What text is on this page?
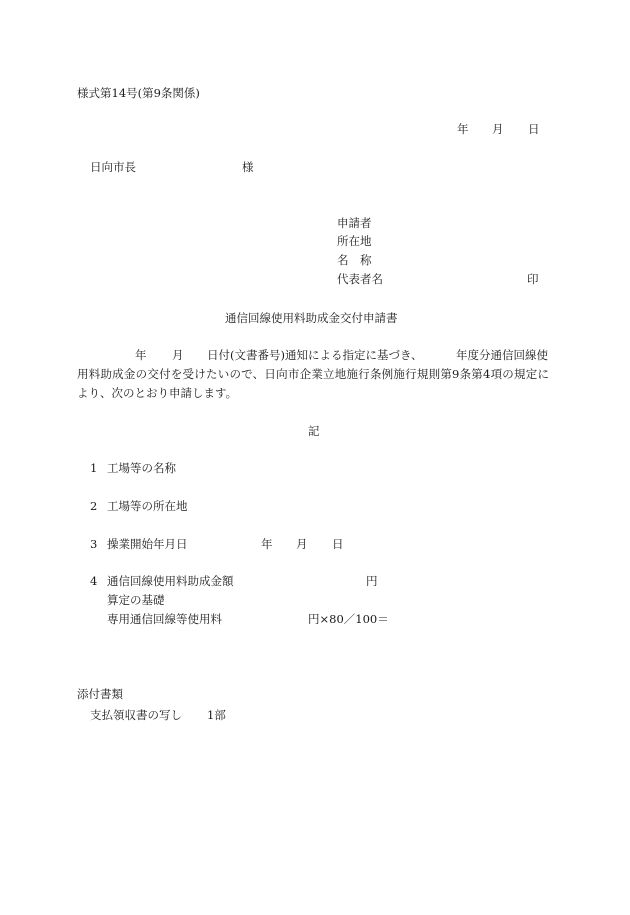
様式第14号(第9条関係)
年 月 日
日向市長	様
申請者
所在地
名　称
代表者名	印
通信回線使用料助成金交付申請書
年 月 日付(文書番号)通知による指定に基づき、	年度分通信回線使
用料助成金の交付を受けたいので、日向市企業立地施行条例施行規則第9条第4項の規定に
より、次のとおり申請します。
記
1 工場等の名称
2 工場等の所在地
3 操業開始年月日	年 月 日
4 通信回線使用料助成金額	円
算定の基礎
専用通信回線等使用料	円×80／100＝
添付書類
支払領収書の写し 1部
